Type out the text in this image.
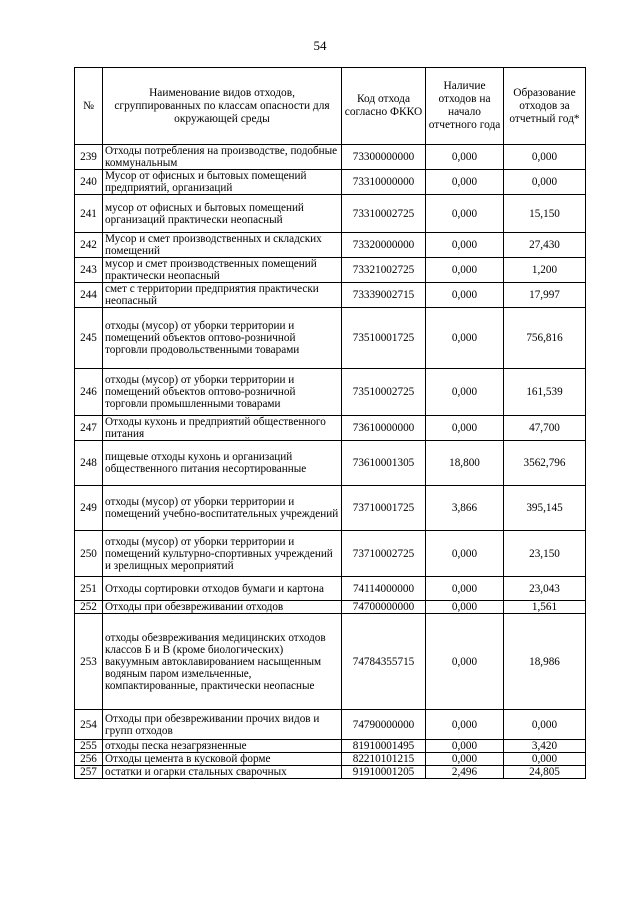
54
№	Наименование видов отходов, сгруппированных по классам опасности для окружающей среды	Код отхода согласно ФККО	Наличие отходов на начало отчетного года	Образование отходов за отчетный год*
239	Отходы потребления на производстве, подобные коммунальным	73300000000	0,000	0,000
240	Мусор от офисных и бытовых помещений предприятий, организаций	73310000000	0,000	0,000
241	мусор от офисных и бытовых помещений организаций практически неопасный	73310002725	0,000	15,150
242	Мусор и смет производственных и складских помещений	73320000000	0,000	27,430
243	мусор и смет производственных помещений практически неопасный	73321002725	0,000	1,200
244	смет с территории предприятия практически неопасный	73339002715	0,000	17,997
245	отходы (мусор) от уборки территории и помещений объектов оптово-розничной торговли продовольственными товарами	73510001725	0,000	756,816
246	отходы (мусор) от уборки территории и помещений объектов оптово-розничной торговли промышленными товарами	73510002725	0,000	161,539
247	Отходы кухонь и предприятий общественного питания	73610000000	0,000	47,700
248	пищевые отходы кухонь и организаций общественного питания несортированные	73610001305	18,800	3562,796
249	отходы (мусор) от уборки территории и помещений учебно-воспитательных учреждений	73710001725	3,866	395,145
250	отходы (мусор) от уборки территории и помещений культурно-спортивных учреждений и зрелищных мероприятий	73710002725	0,000	23,150
251	Отходы сортировки отходов бумаги и картона	74114000000	0,000	23,043
252	Отходы при обезвреживании отходов	74700000000	0,000	1,561
253	отходы обезвреживания медицинских отходов классов Б и В (кроме биологических) вакуумным автоклавированием насыщенным водяным паром измельченные, компактированные, практически неопасные	74784355715	0,000	18,986
254	Отходы при обезвреживании прочих видов и групп отходов	74790000000	0,000	0,000
255	отходы песка незагрязненные	81910001495	0,000	3,420
256	Отходы цемента в кусковой форме	82210101215	0,000	0,000
257	остатки и огарки стальных сварочных	91910001205	2,496	24,805
